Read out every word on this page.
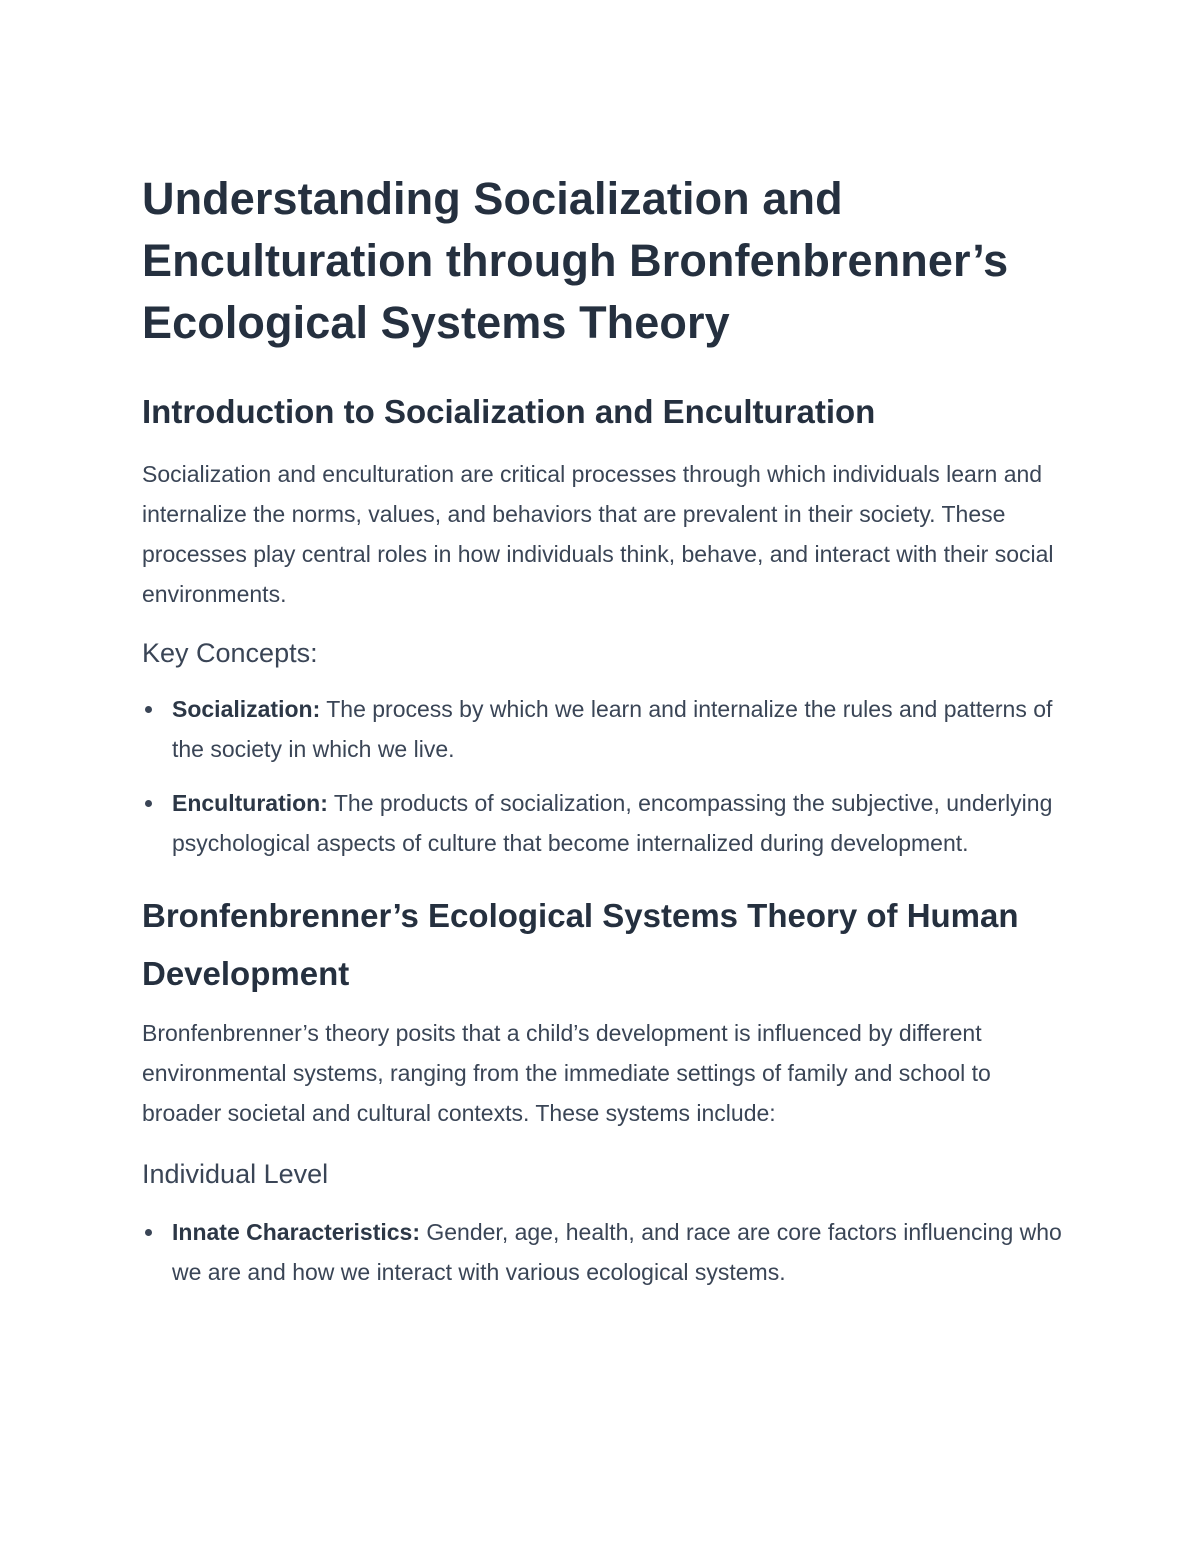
Understanding Socialization and Enculturation through Bronfenbrenner’s Ecological Systems Theory
Introduction to Socialization and Enculturation

Socialization and enculturation are critical processes through which individuals learn and internalize the norms, values, and behaviors that are prevalent in their society. These processes play central roles in how individuals think, behave, and interact with their social environments.

Key Concepts:
Socialization: The process by which we learn and internalize the rules and patterns of the society in which we live.
Enculturation: The products of socialization, encompassing the subjective, underlying psychological aspects of culture that become internalized during development.
Bronfenbrenner’s Ecological Systems Theory of Human Development

Bronfenbrenner’s theory posits that a child’s development is influenced by different environmental systems, ranging from the immediate settings of family and school to broader societal and cultural contexts. These systems include:

Individual Level
Innate Characteristics: Gender, age, health, and race are core factors influencing who we are and how we interact with various ecological systems.
